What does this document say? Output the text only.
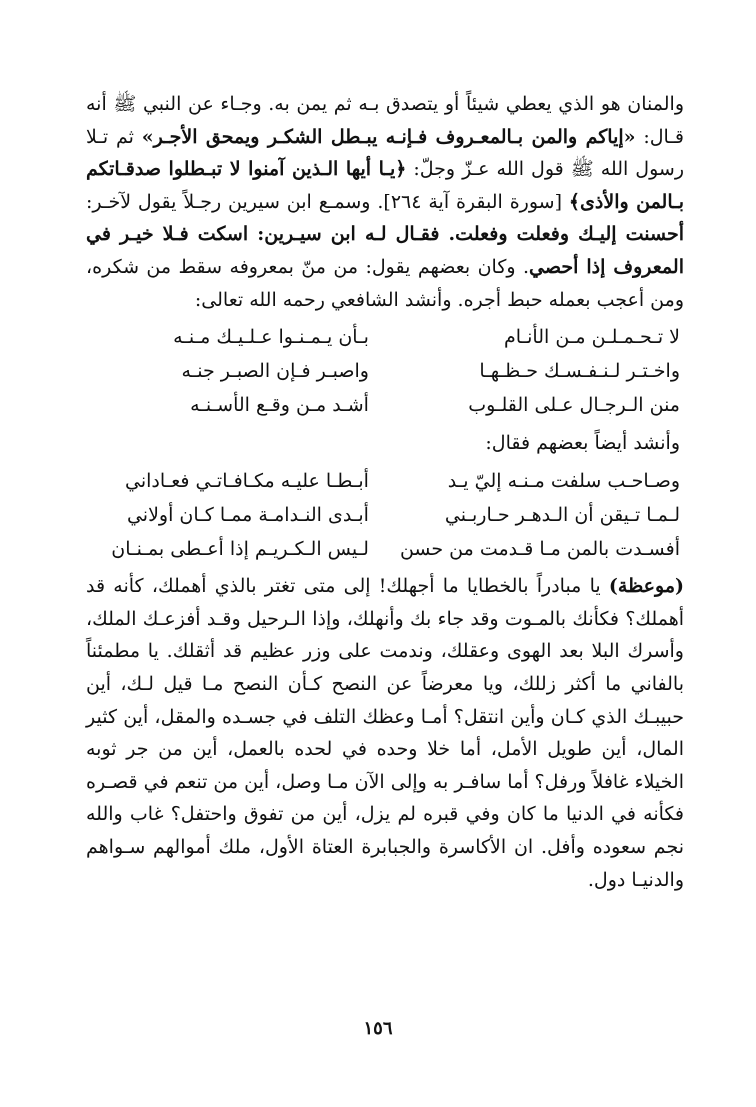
والمنان هو الذي يعطي شيئاً أو يتصدق بـه ثم يمن به. وجـاء عن النبي ﷺ أنه قـال: «إياكم والمن بـالمعـروف فـإنـه يبـطل الشكـر ويمحق الأجـر» ثم تـلا رسول الله ﷺ قول الله عـزّ وجلّ: ﴿يـا أيها الـذين آمنوا لا تبـطلوا صدقـاتكم بـالمن والأذى﴾ [سورة البقرة آية ٢٦٤]. وسمـع ابن سيرين رجـلاً يقول لآخـر: أحسنت إليـك وفعلت وفعلت. فقـال لـه ابن سيـرين: اسكت فـلا خيـر في المعروف إذا أحصي. وكان بعضهم يقول: من منّ بمعروفه سقط من شكره، ومن أعجب بعمله حبط أجره. وأنشد الشافعي رحمه الله تعالى:

لا تـحـمـلـن مـن الأنـام
بـأن يـمـنـوا عـلـيـك مـنـه
واخـتـر لـنـفـسـك حـظـهـا
واصبـر فـإن الصبـر جنـه
منن الـرجـال عـلى القلـوب
أشـد مـن وقـع الأسـنـه
وأنشد أيضاً بعضهم فقال:
وصـاحـب سلفت مـنـه إليّ يـد
أبـطـا عليـه مكـافـاتـي فعـاداني
لـمـا تـيقن أن الـدهـر حـاربـني
أبـدى النـدامـة ممـا كـان أولاني
أفسـدت بالمن مـا قـدمت من حسن
لـيس الـكـريـم إذا أعـطى بمـنـان

(موعظة) يا مبادراً بالخطايا ما أجهلك! إلى متى تغتر بالذي أهملك، كأنه قد أهملك؟ فكأنك بالمـوت وقد جاء بك وأنهلك، وإذا الـرحيل وقـد أفزعـك الملك، وأسرك البلا بعد الهوى وعقلك، وندمت على وزر عظيم قد أثقلك. يا مطمئناً بالفاني ما أكثر زللك، ويا معرضاً عن النصح كـأن النصح مـا قيل لـك، أين حبيبـك الذي كـان وأين انتقل؟ أمـا وعظك التلف في جسـده والمقل، أين كثير المال، أين طويل الأمل، أما خلا وحده في لحده بالعمل، أين من جر ثوبه الخيلاء غافلاً ورفل؟ أما سافـر به وإلى الآن مـا وصل، أين من تنعم في قصـره فكأنه في الدنيا ما كان وفي قبره لم يزل، أين من تفوق واحتفل؟ غاب والله نجم سعوده وأفل. ان الأكاسرة والجبابرة العتاة الأول، ملك أموالهم سـواهم والدنيـا دول.

١٥٦
